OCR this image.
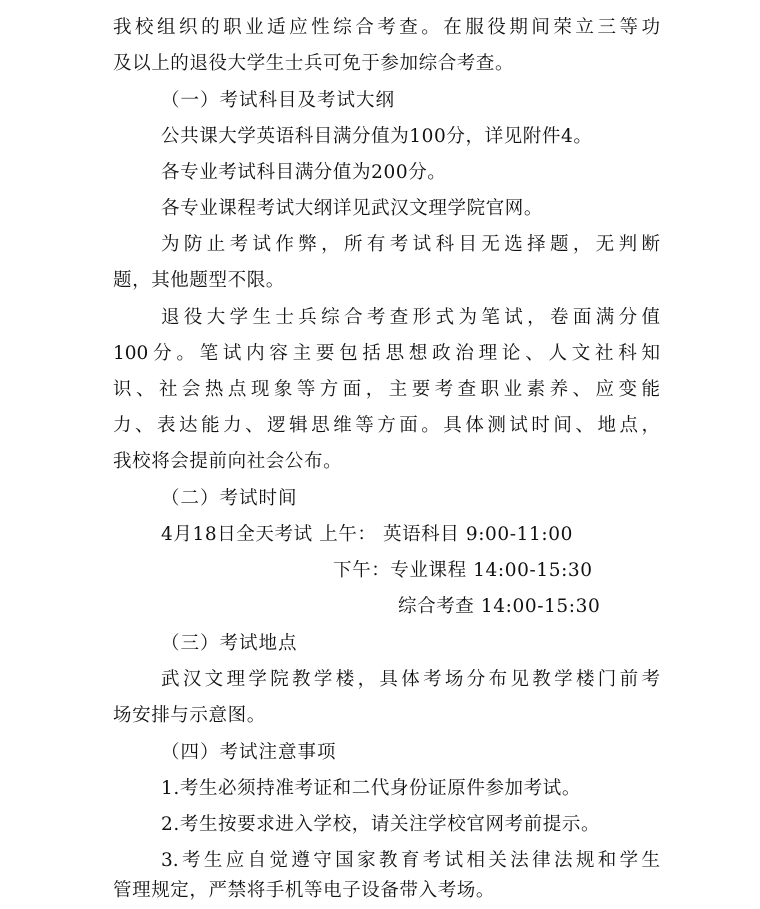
我校组织的职业适应性综合考查。在服役期间荣立三等功
及以上的退役大学生士兵可免于参加综合考查。
（一）考试科目及考试大纲
公共课大学英语科目满分值为100分，详见附件4。
各专业考试科目满分值为200分。
各专业课程考试大纲详见武汉文理学院官网。
为防止考试作弊，所有考试科目无选择题，无判断
题，其他题型不限。
退役大学生士兵综合考查形式为笔试，卷面满分值
100分。笔试内容主要包括思想政治理论、人文社科知
识、社会热点现象等方面，主要考查职业素养、应变能
力、表达能力、逻辑思维等方面。具体测试时间、地点，
我校将会提前向社会公布。
（二）考试时间
4月18日全天考试 上午： 英语科目 9:00-11:00
下午：专业课程 14:00-15:30
综合考查 14:00-15:30
（三）考试地点
武汉文理学院教学楼，具体考场分布见教学楼门前考
场安排与示意图。
（四）考试注意事项
1.考生必须持准考证和二代身份证原件参加考试。
2.考生按要求进入学校，请关注学校官网考前提示。
3.考生应自觉遵守国家教育考试相关法律法规和学生
管理规定，严禁将手机等电子设备带入考场。
